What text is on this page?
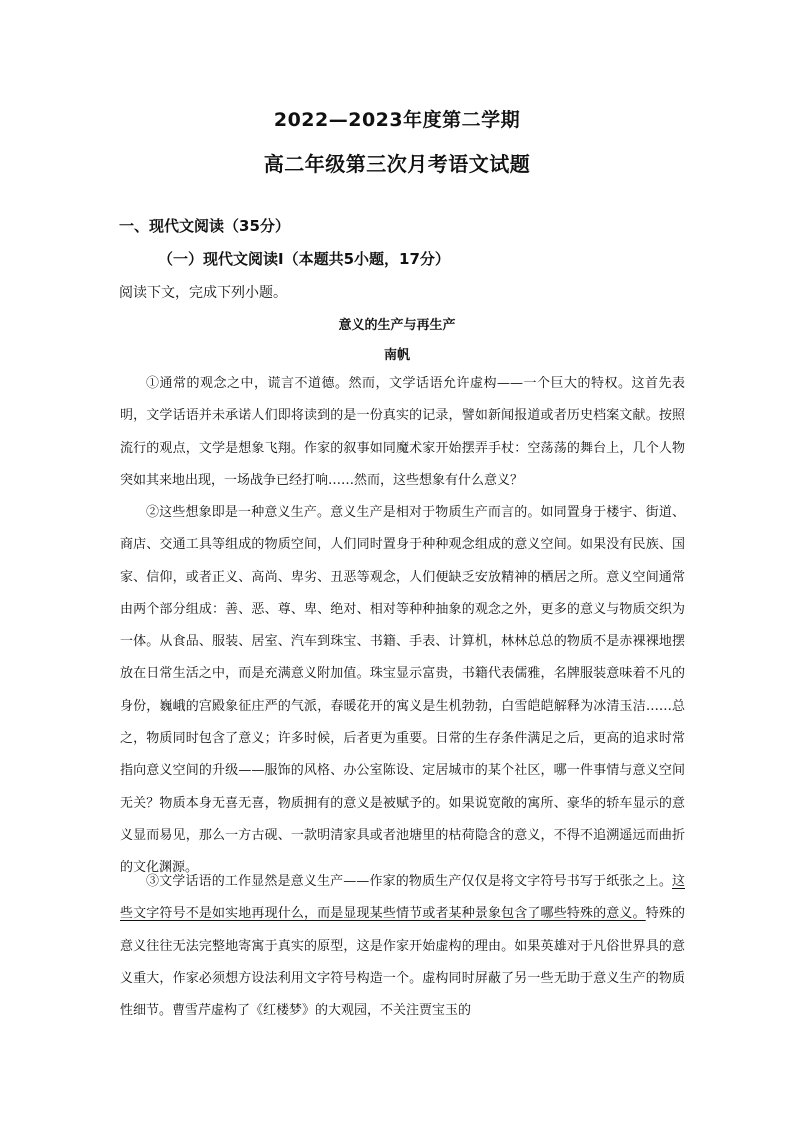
2022—2023年度第二学期
高二年级第三次月考语文试题
一、现代文阅读（35分）
（一）现代文阅读Ⅰ（本题共5小题，17分）
阅读下文，完成下列小题。
意义的生产与再生产
南帆

①通常的观念之中，谎言不道德。然而，文学话语允许虚构——一个巨大的特权。这首先表明，文学话语并未承诺人们即将读到的是一份真实的记录，譬如新闻报道或者历史档案文献。按照流行的观点，文学是想象飞翔。作家的叙事如同魔术家开始摆弄手杖：空荡荡的舞台上，几个人物突如其来地出现，一场战争已经打响……然而，这些想象有什么意义？

②这些想象即是一种意义生产。意义生产是相对于物质生产而言的。如同置身于楼宇、街道、商店、交通工具等组成的物质空间，人们同时置身于种种观念组成的意义空间。如果没有民族、国家、信仰，或者正义、高尚、卑劣、丑恶等观念，人们便缺乏安放精神的栖居之所。意义空间通常由两个部分组成：善、恶、尊、卑、绝对、相对等种种抽象的观念之外，更多的意义与物质交织为一体。从食品、服装、居室、汽车到珠宝、书籍、手表、计算机，林林总总的物质不是赤裸裸地摆放在日常生活之中，而是充满意义附加值。珠宝显示富贵，书籍代表儒雅，名牌服装意味着不凡的身份，巍峨的宫殿象征庄严的气派，春暖花开的寓义是生机勃勃，白雪皑皑解释为冰清玉洁……总之，物质同时包含了意义；许多时候，后者更为重要。日常的生存条件满足之后，更高的追求时常指向意义空间的升级——服饰的风格、办公室陈设、定居城市的某个社区，哪一件事情与意义空间无关？物质本身无喜无喜，物质拥有的意义是被赋予的。如果说宽敞的寓所、豪华的轿车显示的意义显而易见，那么一方古砚、一款明清家具或者池塘里的枯荷隐含的意义，不得不追溯遥远而曲折的文化渊源。

③文学话语的工作显然是意义生产——作家的物质生产仅仅是将文字符号书写于纸张之上。这些文字符号不是如实地再现什么，而是显现某些情节或者某种景象包含了哪些特殊的意义。特殊的意义往往无法完整地寄寓于真实的原型，这是作家开始虚构的理由。如果英雄对于凡俗世界具的意义重大，作家必须想方设法利用文字符号构造一个。虚构同时屏蔽了另一些无助于意义生产的物质性细节。曹雪芹虚构了《红楼梦》的大观园，不关注贾宝玉的
